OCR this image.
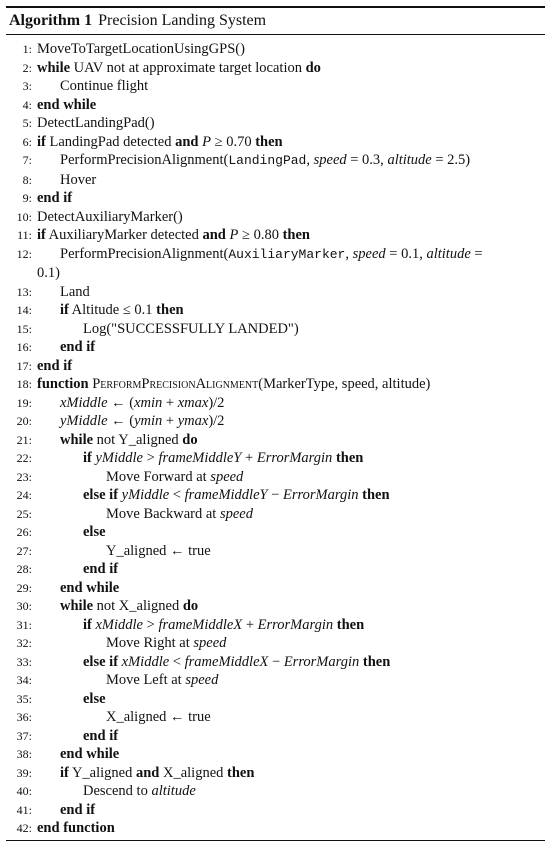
Algorithm 1 Precision Landing System
1: MoveToTargetLocationUsingGPS()
2: while UAV not at approximate target location do
3:	Continue flight
4: end while
5: DetectLandingPad()
6: if LandingPad detected and P ≥ 0.70 then
7:	PerformPrecisionAlignment(LandingPad, speed = 0.3, altitude = 2.5)
8:	Hover
9: end if
10: DetectAuxiliaryMarker()
11: if AuxiliaryMarker detected and P ≥ 0.80 then
12:	PerformPrecisionAlignment(AuxiliaryMarker, speed = 0.1, altitude =
0.1)
13:	Land
14:	if Altitude ≤ 0.1 then
15:	Log("SUCCESSFULLY LANDED")
16:	end if
17: end if
18: function PerformPrecisionAlignment(MarkerType, speed, altitude)
19:	xMiddle ← (xmin + xmax)/2
20:	yMiddle ← (ymin + ymax)/2
21:	while not Y_aligned do
22:	if yMiddle > frameMiddleY + ErrorMargin then
23:	Move Forward at speed
24:	else if yMiddle < frameMiddleY − ErrorMargin then
25:	Move Backward at speed
26:	else
27:	Y_aligned ← true
28:	end if
29:	end while
30:	while not X_aligned do
31:	if xMiddle > frameMiddleX + ErrorMargin then
32:	Move Right at speed
33:	else if xMiddle < frameMiddleX − ErrorMargin then
34:	Move Left at speed
35:	else
36:	X_aligned ← true
37:	end if
38:	end while
39:	if Y_aligned and X_aligned then
40:	Descend to altitude
41:	end if
42: end function
